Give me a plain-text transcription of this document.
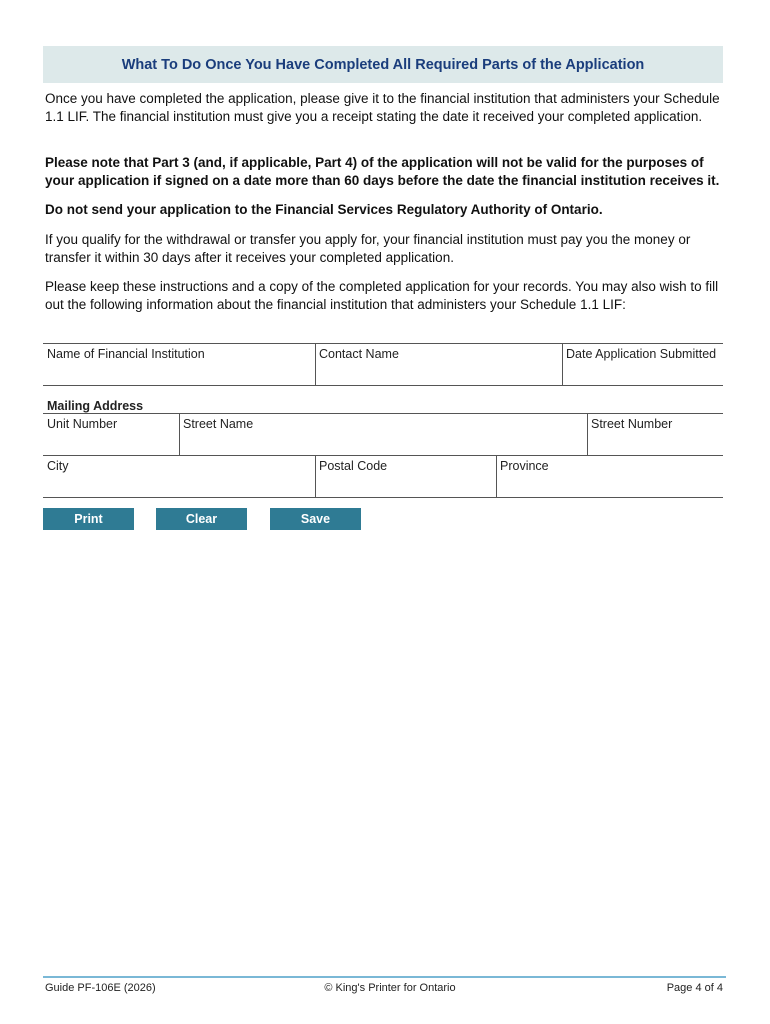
What To Do Once You Have Completed All Required Parts of the Application

Once you have completed the application, please give it to the financial institution that administers your Schedule 1.1 LIF. The financial institution must give you a receipt stating the date it received your completed application.

Please note that Part 3 (and, if applicable, Part 4) of the application will not be valid for the purposes of your application if signed on a date more than 60 days before the date the financial institution receives it.

Do not send your application to the Financial Services Regulatory Authority of Ontario.

If you qualify for the withdrawal or transfer you apply for, your financial institution must pay you the money or transfer it within 30 days after it receives your completed application.

Please keep these instructions and a copy of the completed application for your records. You may also wish to fill out the following information about the financial institution that administers your Schedule 1.1 LIF:

Name of Financial Institution	Contact Name	Date Application Submitted
Mailing Address
Unit Number	Street Name	Street Number
City	Postal Code	Province
Print	Clear	Save
Guide PF-106E (2026)	© King's Printer for Ontario	Page 4 of 4
